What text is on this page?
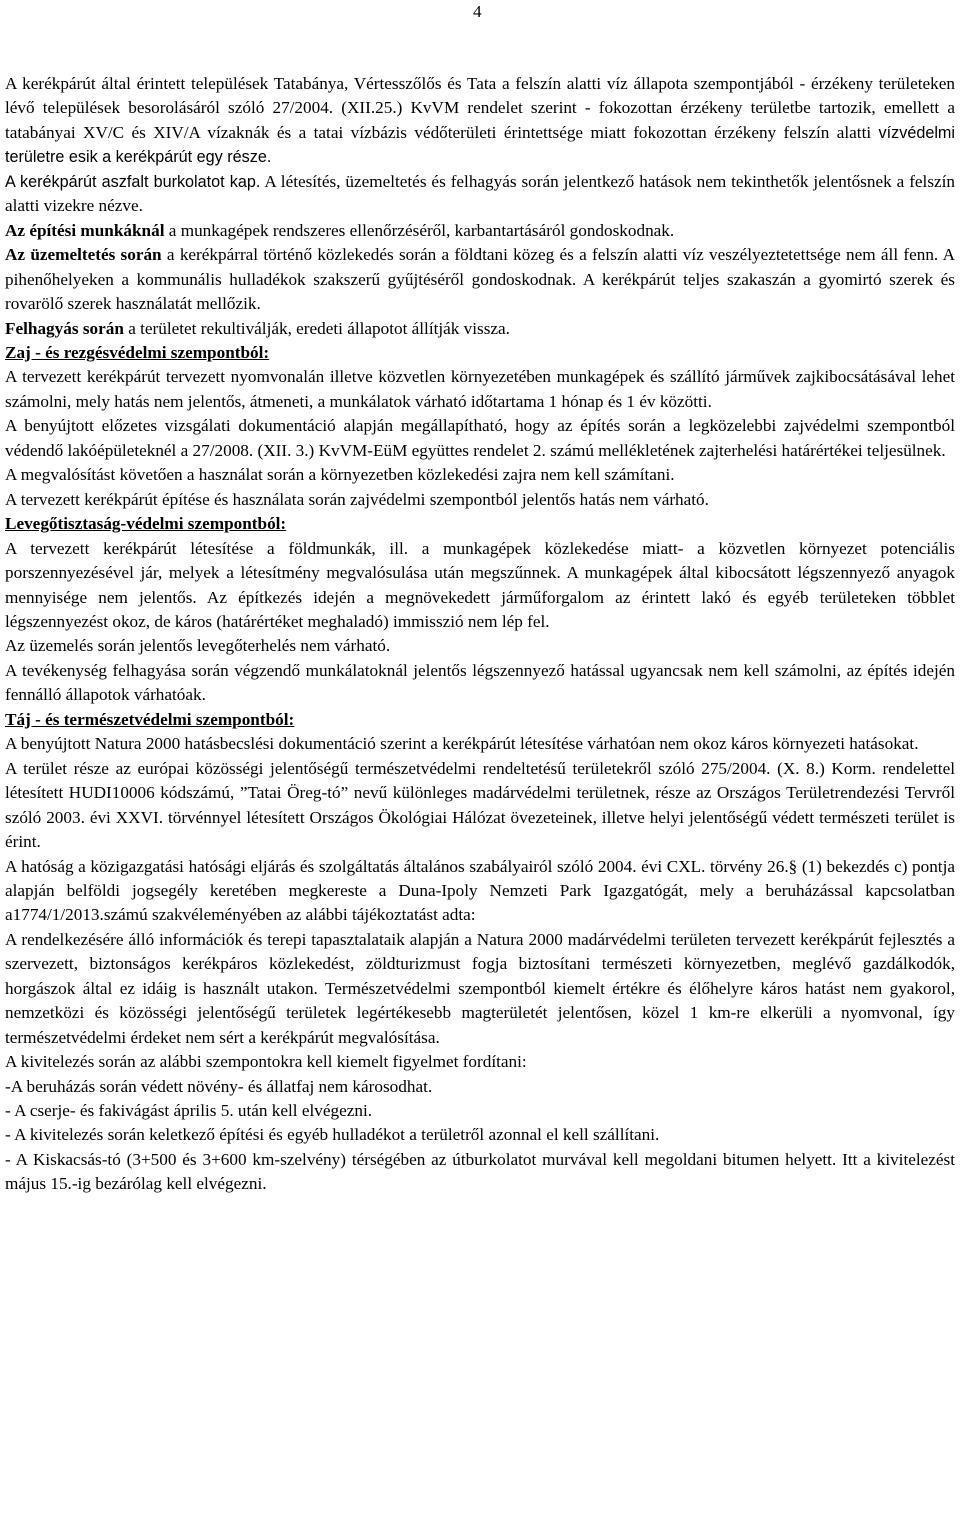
4

A kerékpárút által érintett települések Tatabánya, Vértesszőlős és Tata a felszín alatti víz állapota szempontjából - érzékeny területeken lévő települések besorolásáról szóló 27/2004. (XII.25.) KvVM rendelet szerint - fokozottan érzékeny területbe tartozik, emellett a tatabányai XV/C és XIV/A vízaknák és a tatai vízbázis védőterületi érintettsége miatt fokozottan érzékeny felszín alatti vízvédelmi területre esik a kerékpárút egy része.

A kerékpárút aszfalt burkolatot kap. A létesítés, üzemeltetés és felhagyás során jelentkező hatások nem tekinthetők jelentősnek a felszín alatti vizekre nézve.

Az építési munkáknál a munkagépek rendszeres ellenőrzéséről, karbantartásáról gondoskodnak.

Az üzemeltetés során a kerékpárral történő közlekedés során a földtani közeg és a felszín alatti víz veszélyeztetettsége nem áll fenn. A pihenőhelyeken a kommunális hulladékok szakszerű gyűjtéséről gondoskodnak. A kerékpárút teljes szakaszán a gyomirtó szerek és rovarölő szerek használatát mellőzik.

Felhagyás során a területet rekultiválják, eredeti állapotot állítják vissza.

Zaj - és rezgésvédelmi szempontból:

A tervezett kerékpárút tervezett nyomvonalán illetve közvetlen környezetében munkagépek és szállító járművek zajkibocsátásával lehet számolni, mely hatás nem jelentős, átmeneti, a munkálatok várható időtartama 1 hónap és 1 év közötti.

A benyújtott előzetes vizsgálati dokumentáció alapján megállapítható, hogy az építés során a legközelebbi zajvédelmi szempontból védendő lakóépületeknél a 27/2008. (XII. 3.) KvVM-EüM együttes rendelet 2. számú mellékletének zajterhelési határértékei teljesülnek.

A megvalósítást követően a használat során a környezetben közlekedési zajra nem kell számítani.

A tervezett kerékpárút építése és használata során zajvédelmi szempontból jelentős hatás nem várható.

Levegőtisztaság-védelmi szempontból:

A tervezett kerékpárút létesítése a földmunkák, ill. a munkagépek közlekedése miatt- a közvetlen környezet potenciális porszennyezésével jár, melyek a létesítmény megvalósulása után megszűnnek. A munkagépek által kibocsátott légszennyező anyagok mennyisége nem jelentős. Az építkezés idején a megnövekedett járműforgalom az érintett lakó és egyéb területeken többlet légszennyezést okoz, de káros (határértéket meghaladó) immisszió nem lép fel.

Az üzemelés során jelentős levegőterhelés nem várható.

A tevékenység felhagyása során végzendő munkálatoknál jelentős légszennyező hatással ugyancsak nem kell számolni, az építés idején fennálló állapotok várhatóak.

Táj - és természetvédelmi szempontból:

A benyújtott Natura 2000 hatásbecslési dokumentáció szerint a kerékpárút létesítése várhatóan nem okoz káros környezeti hatásokat.

A terület része az európai közösségi jelentőségű természetvédelmi rendeltetésű területekről szóló 275/2004. (X. 8.) Korm. rendelettel létesített HUDI10006 kódszámú, ”Tatai Öreg-tó” nevű különleges madárvédelmi területnek, része az Országos Területrendezési Tervről szóló 2003. évi XXVI. törvénnyel létesített Országos Ökológiai Hálózat övezeteinek, illetve helyi jelentőségű védett természeti terület is érint.

A hatóság a közigazgatási hatósági eljárás és szolgáltatás általános szabályairól szóló 2004. évi CXL. törvény 26.§ (1) bekezdés c) pontja alapján belföldi jogsegély keretében megkereste a Duna-Ipoly Nemzeti Park Igazgatógát, mely a beruházással kapcsolatban a1774/1/2013.számú szakvéleményében az alábbi tájékoztatást adta:

A rendelkezésére álló információk és terepi tapasztalataik alapján a Natura 2000 madárvédelmi területen tervezett kerékpárút fejlesztés a szervezett, biztonságos kerékpáros közlekedést, zöldturizmust fogja biztosítani természeti környezetben, meglévő gazdálkodók, horgászok által ez idáig is használt utakon. Természetvédelmi szempontból kiemelt értékre és élőhelyre káros hatást nem gyakorol, nemzetközi és közösségi jelentőségű területek legértékesebb magterületét jelentősen, közel 1 km-re elkerüli a nyomvonal, így természetvédelmi érdeket nem sért a kerékpárút megvalósítása.

A kivitelezés során az alábbi szempontokra kell kiemelt figyelmet fordítani:

-A beruházás során védett növény- és állatfaj nem károsodhat.

- A cserje- és fakivágást április 5. után kell elvégezni.

- A kivitelezés során keletkező építési és egyéb hulladékot a területről azonnal el kell szállítani.

- A Kiskacsás-tó (3+500 és 3+600 km-szelvény) térségében az útburkolatot murvával kell megoldani bitumen helyett. Itt a kivitelezést május 15.-ig bezárólag kell elvégezni.
